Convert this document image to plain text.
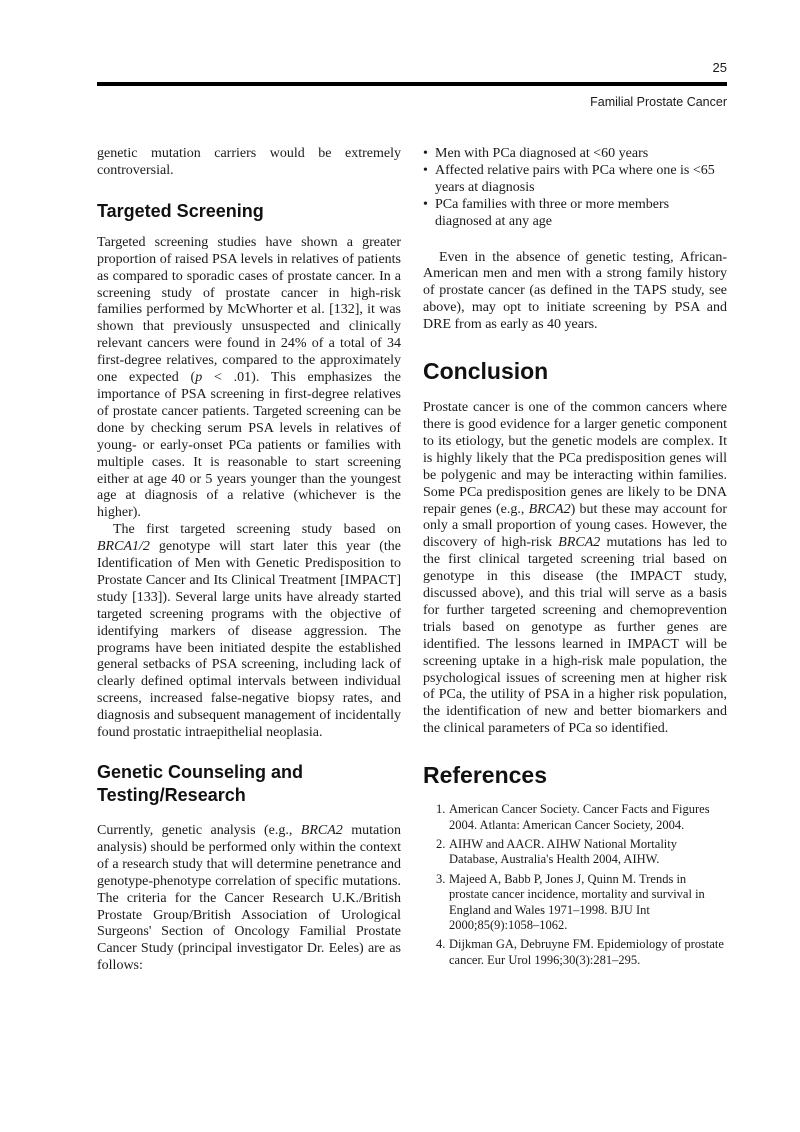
25
Familial Prostate Cancer

genetic mutation carriers would be extremely controversial.

Targeted Screening

Targeted screening studies have shown a greater proportion of raised PSA levels in relatives of patients as compared to sporadic cases of prostate cancer. In a screening study of prostate cancer in high-risk families performed by McWhorter et al. [132], it was shown that previously unsuspected and clinically relevant cancers were found in 24% of a total of 34 first-degree relatives, compared to the approximately one expected (p < .01). This emphasizes the importance of PSA screening in first-degree relatives of prostate cancer patients. Targeted screening can be done by checking serum PSA levels in relatives of young- or early-onset PCa patients or families with multiple cases. It is reasonable to start screening either at age 40 or 5 years younger than the youngest age at diagnosis of a relative (whichever is the higher).

The first targeted screening study based on BRCA1/2 genotype will start later this year (the Identification of Men with Genetic Predisposition to Prostate Cancer and Its Clinical Treatment [IMPACT] study [133]). Several large units have already started targeted screening programs with the objective of identifying markers of disease aggression. The programs have been initiated despite the established general setbacks of PSA screening, including lack of clearly defined optimal intervals between individual screens, increased false-negative biopsy rates, and diagnosis and subsequent management of incidentally found prostatic intraepithelial neoplasia.

Genetic Counseling and
Testing/Research

Currently, genetic analysis (e.g., BRCA2 mutation analysis) should be performed only within the context of a research study that will determine penetrance and genotype-phenotype correlation of specific mutations. The criteria for the Cancer Research U.K./British Prostate Group/British Association of Urological Surgeons' Section of Oncology Familial Prostate Cancer Study (principal investigator Dr. Eeles) are as follows:

• Men with PCa diagnosed at <60 years
• Affected relative pairs with PCa where one is <65 years at diagnosis
• PCa families with three or more members diagnosed at any age

Even in the absence of genetic testing, African-American men and men with a strong family history of prostate cancer (as defined in the TAPS study, see above), may opt to initiate screening by PSA and DRE from as early as 40 years.

Conclusion

Prostate cancer is one of the common cancers where there is good evidence for a larger genetic component to its etiology, but the genetic models are complex. It is highly likely that the PCa predisposition genes will be polygenic and may be interacting within families. Some PCa predisposition genes are likely to be DNA repair genes (e.g., BRCA2) but these may account for only a small proportion of young cases. However, the discovery of high-risk BRCA2 mutations has led to the first clinical targeted screening trial based on genotype in this disease (the IMPACT study, discussed above), and this trial will serve as a basis for further targeted screening and chemoprevention trials based on genotype as further genes are identified. The lessons learned in IMPACT will be screening uptake in a high-risk male population, the psychological issues of screening men at higher risk of PCa, the utility of PSA in a higher risk population, the identification of new and better biomarkers and the clinical parameters of PCa so identified.

References
1. American Cancer Society. Cancer Facts and Figures 2004. Atlanta: American Cancer Society, 2004.
2. AIHW and AACR. AIHW National Mortality Database, Australia's Health 2004, AIHW.
3. Majeed A, Babb P, Jones J, Quinn M. Trends in prostate cancer incidence, mortality and survival in England and Wales 1971–1998. BJU Int 2000;85(9):1058–1062.
4. Dijkman GA, Debruyne FM. Epidemiology of prostate cancer. Eur Urol 1996;30(3):281–295.
